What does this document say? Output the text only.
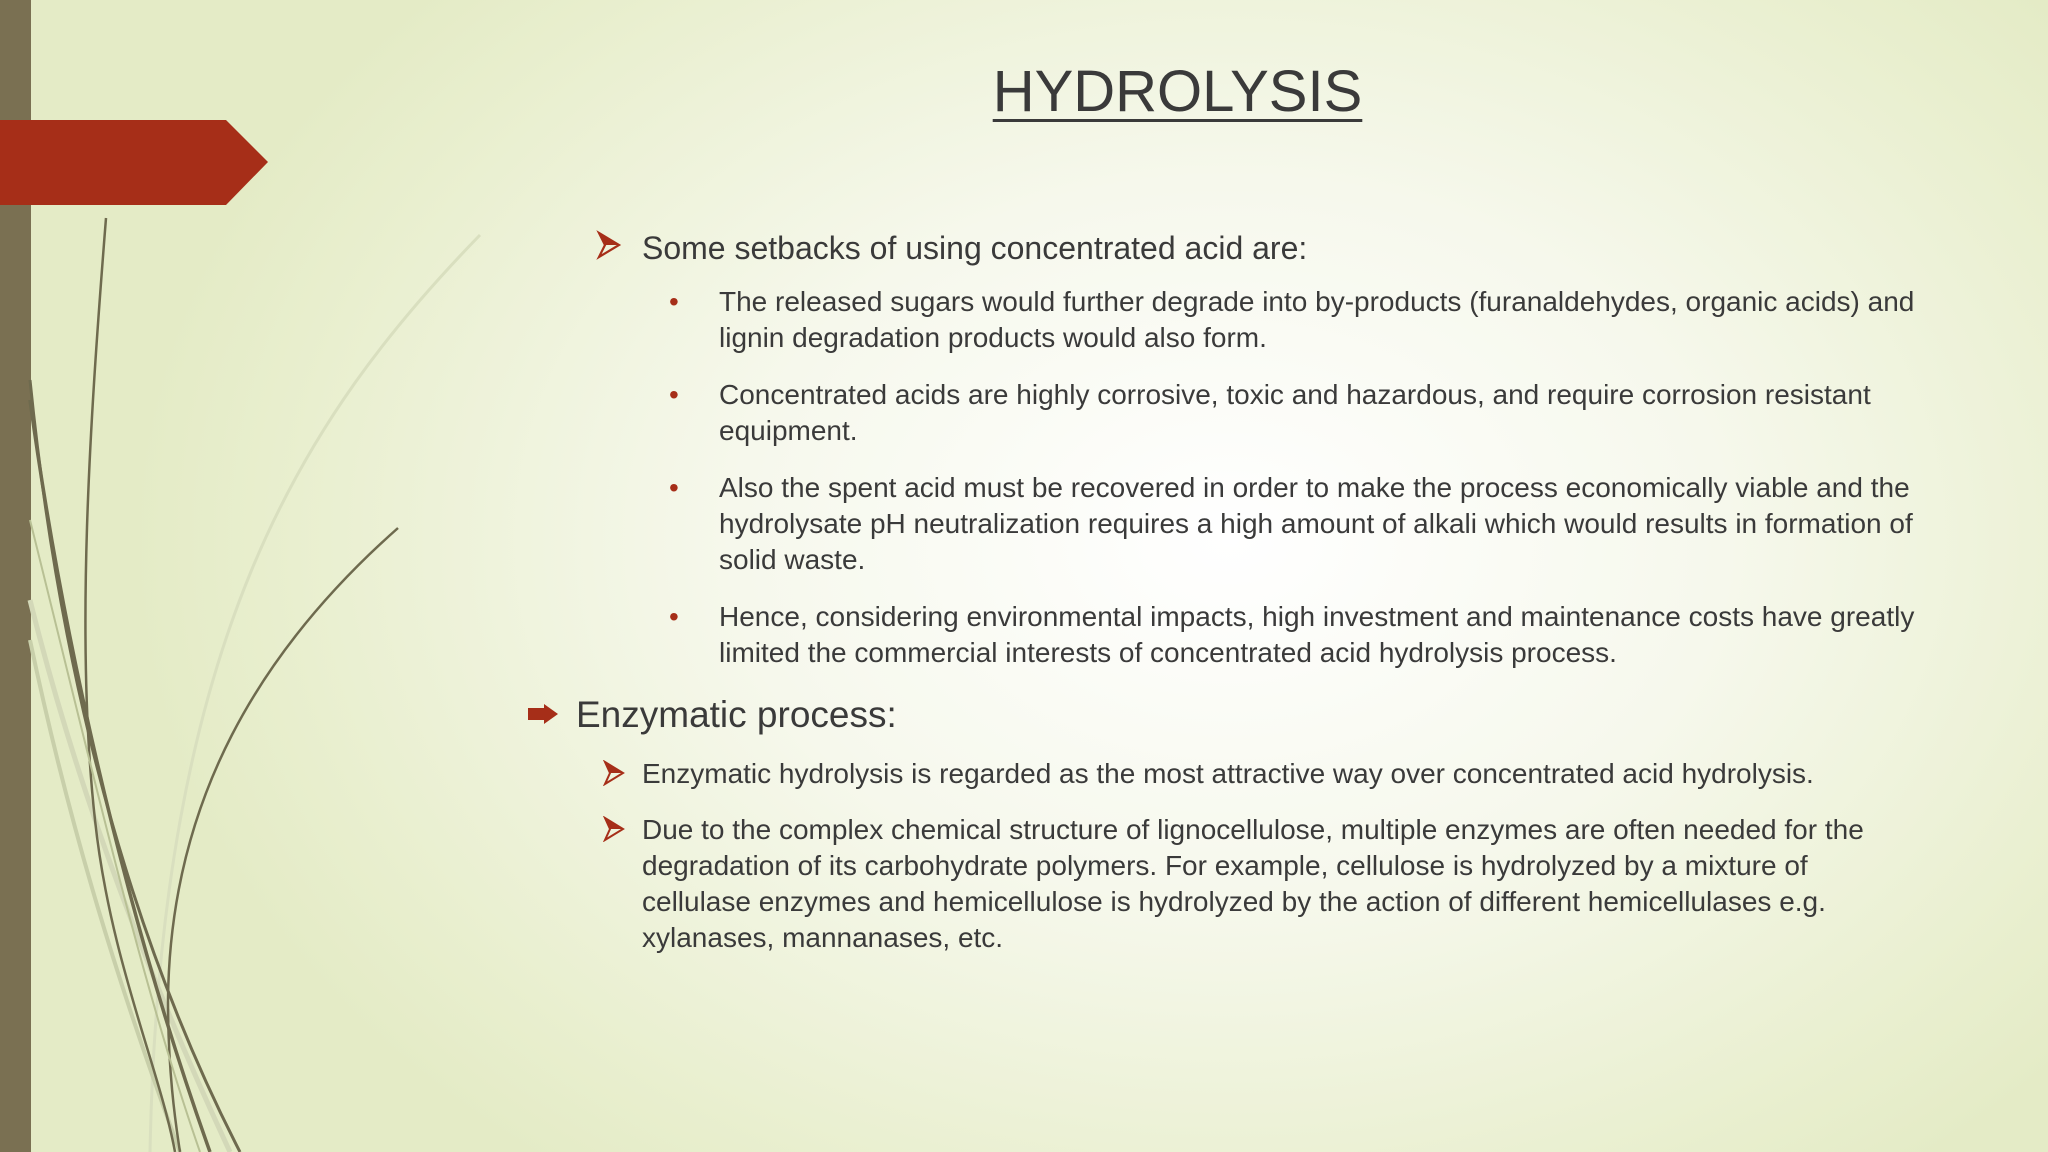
HYDROLYSIS

Some setbacks of using concentrated acid are:

• The released sugars would further degrade into by-products (furanaldehydes, organic acids) and lignin degradation products would also form.

• Concentrated acids are highly corrosive, toxic and hazardous, and require corrosion resistant equipment.

• Also the spent acid must be recovered in order to make the process economically viable and the hydrolysate pH neutralization requires a high amount of alkali which would results in formation of solid waste.

• Hence, considering environmental impacts, high investment and maintenance costs have greatly limited the commercial interests of concentrated acid hydrolysis process.

Enzymatic process:

Enzymatic hydrolysis is regarded as the most attractive way over concentrated acid hydrolysis.

Due to the complex chemical structure of lignocellulose, multiple enzymes are often needed for the degradation of its carbohydrate polymers. For example, cellulose is hydrolyzed by a mixture of cellulase enzymes and hemicellulose is hydrolyzed by the action of different hemicellulases e.g. xylanases, mannanases, etc.
